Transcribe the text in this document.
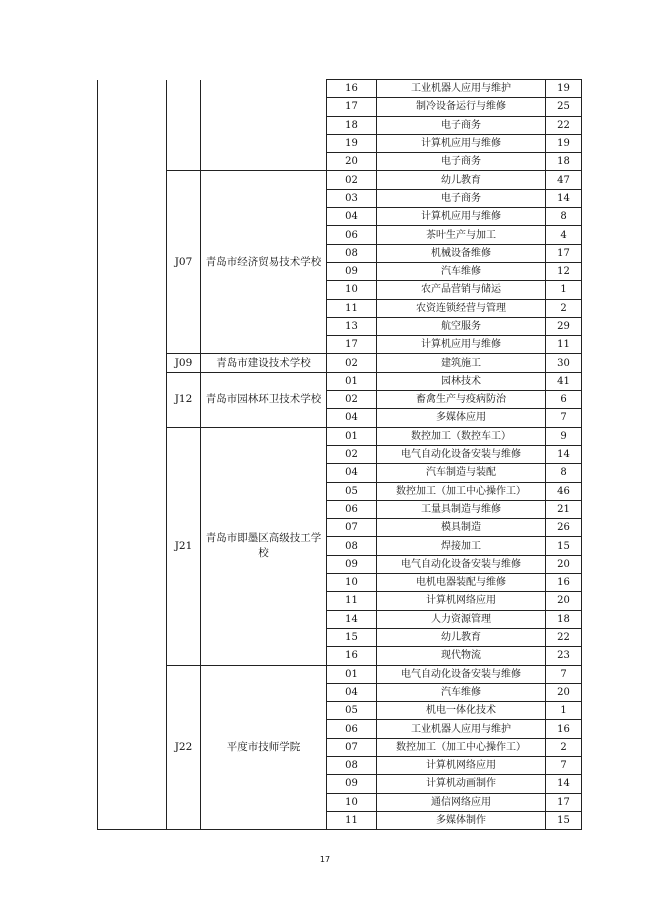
			16	工业机器人应用与维护	19
			17	制冷设备运行与维修	25
			18	电子商务	22
			19	计算机应用与维修	19
			20	电子商务	18
	J07	青岛市经济贸易技术学校	02	幼儿教育	47
			03	电子商务	14
			04	计算机应用与维修	8
			06	茶叶生产与加工	4
			08	机械设备维修	17
			09	汽车维修	12
			10	农产品营销与储运	1
			11	农资连锁经营与管理	2
			13	航空服务	29
			17	计算机应用与维修	11
	J09	青岛市建设技术学校	02	建筑施工	30
	J12	青岛市园林环卫技术学校	01	园林技术	41
			02	畜禽生产与疫病防治	6
			04	多媒体应用	7
	J21	青岛市即墨区高级技工学校	01	数控加工（数控车工）	9
			02	电气自动化设备安装与维修	14
			04	汽车制造与装配	8
			05	数控加工（加工中心操作工）	46
			06	工量具制造与维修	21
			07	模具制造	26
			08	焊接加工	15
			09	电气自动化设备安装与维修	20
			10	电机电器装配与维修	16
			11	计算机网络应用	20
			14	人力资源管理	18
			15	幼儿教育	22
			16	现代物流	23
	J22	平度市技师学院	01	电气自动化设备安装与维修	7
			04	汽车维修	20
			05	机电一体化技术	1
			06	工业机器人应用与维护	16
			07	数控加工（加工中心操作工）	2
			08	计算机网络应用	7
			09	计算机动画制作	14
			10	通信网络应用	17
			11	多媒体制作	15
17
